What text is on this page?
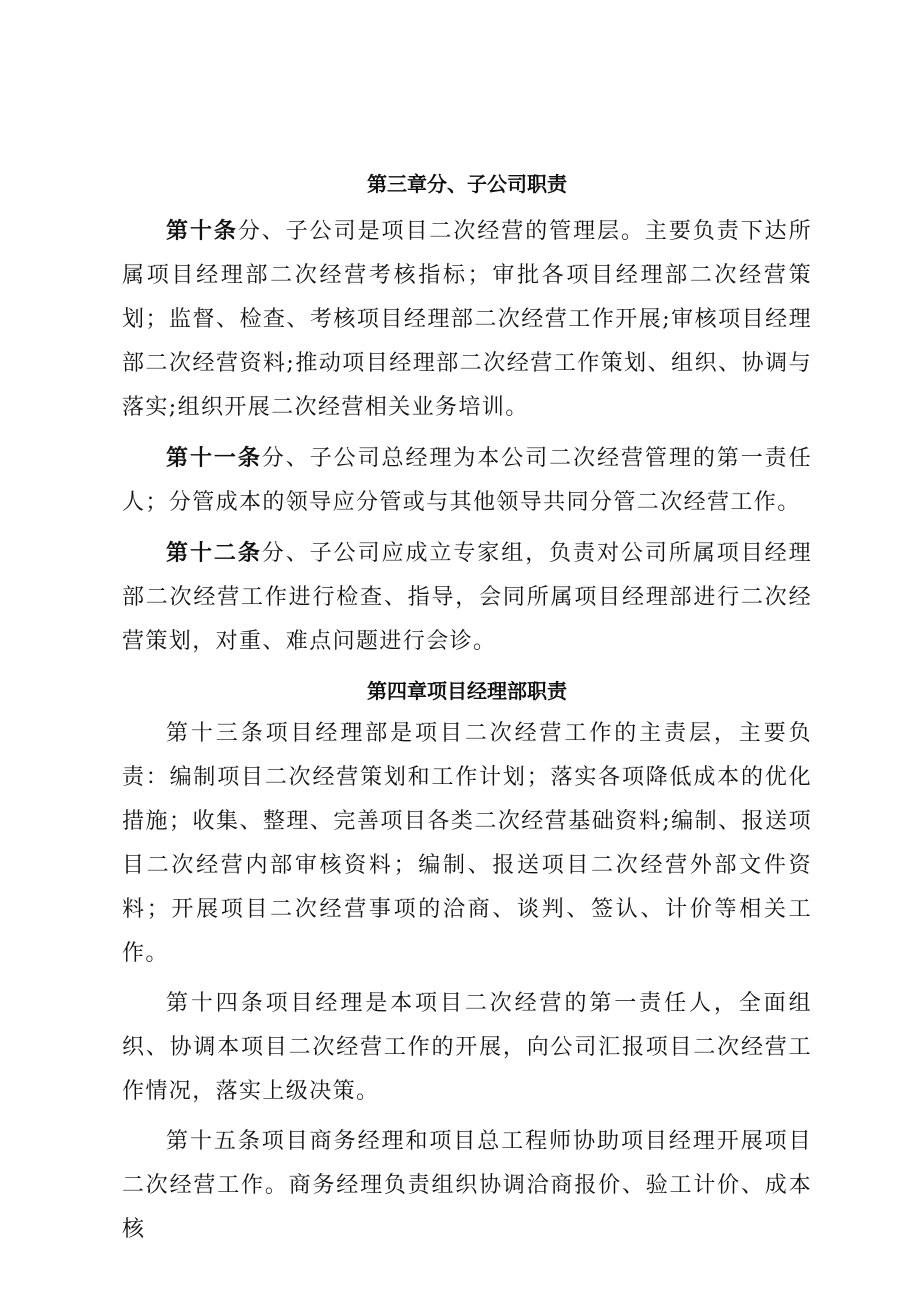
第三章分、子公司职责

第十条分、子公司是项目二次经营的管理层。主要负责下达所属项目经理部二次经营考核指标；审批各项目经理部二次经营策划；监督、检查、考核项目经理部二次经营工作开展;审核项目经理部二次经营资料;推动项目经理部二次经营工作策划、组织、协调与落实;组织开展二次经营相关业务培训。

第十一条分、子公司总经理为本公司二次经营管理的第一责任人；分管成本的领导应分管或与其他领导共同分管二次经营工作。

第十二条分、子公司应成立专家组，负责对公司所属项目经理部二次经营工作进行检查、指导，会同所属项目经理部进行二次经营策划，对重、难点问题进行会诊。

第四章项目经理部职责

第十三条项目经理部是项目二次经营工作的主责层，主要负责：编制项目二次经营策划和工作计划；落实各项降低成本的优化措施；收集、整理、完善项目各类二次经营基础资料;编制、报送项目二次经营内部审核资料；编制、报送项目二次经营外部文件资料；开展项目二次经营事项的洽商、谈判、签认、计价等相关工作。

第十四条项目经理是本项目二次经营的第一责任人，全面组织、协调本项目二次经营工作的开展，向公司汇报项目二次经营工作情况，落实上级决策。

第十五条项目商务经理和项目总工程师协助项目经理开展项目二次经营工作。商务经理负责组织协调洽商报价、验工计价、成本核
